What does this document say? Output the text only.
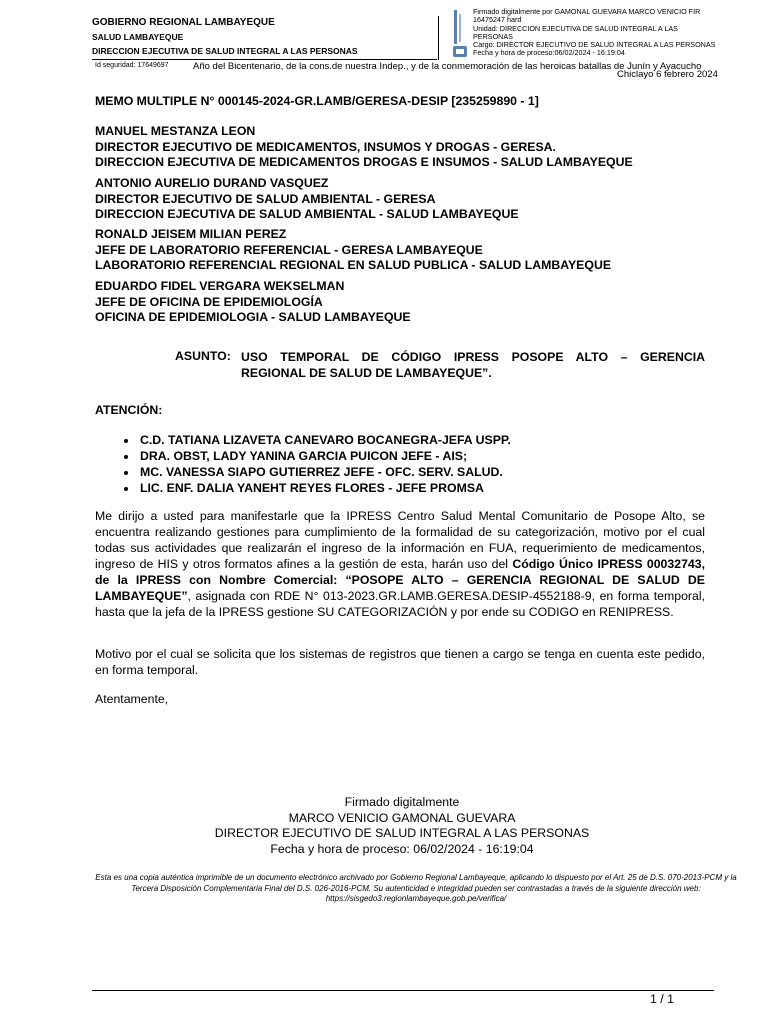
GOBIERNO REGIONAL LAMBAYEQUE
SALUD LAMBAYEQUE
DIRECCION EJECUTIVA DE SALUD INTEGRAL A LAS PERSONAS
Firmado digitalmente por GAMONAL GUEVARA MARCO VENICIO FIR
16475247 hard
Unidad: DIRECCION EJECUTIVA DE SALUD INTEGRAL A LAS
PERSONAS
Cargo: DIRECTOR EJECUTIVO DE SALUD INTEGRAL A LAS PERSONAS
Fecha y hora de proceso:06/02/2024 - 16:19:04
Id seguridad: 17649697	Año del Bicentenario, de la cons.de nuestra Indep., y de la conmemoración de las heroicas batallas de Junín y Ayacucho
Chiclayo 6 febrero 2024
MEMO MULTIPLE N° 000145-2024-GR.LAMB/GERESA-DESIP [235259890 - 1]
MANUEL MESTANZA LEON
DIRECTOR EJECUTIVO DE MEDICAMENTOS, INSUMOS Y DROGAS - GERESA.
DIRECCION EJECUTIVA DE MEDICAMENTOS DROGAS E INSUMOS - SALUD LAMBAYEQUE
ANTONIO AURELIO DURAND VASQUEZ
DIRECTOR EJECUTIVO DE SALUD AMBIENTAL - GERESA
DIRECCION EJECUTIVA DE SALUD AMBIENTAL - SALUD LAMBAYEQUE
RONALD JEISEM MILIAN PEREZ
JEFE DE LABORATORIO REFERENCIAL - GERESA LAMBAYEQUE
LABORATORIO REFERENCIAL REGIONAL EN SALUD PUBLICA - SALUD LAMBAYEQUE
EDUARDO FIDEL VERGARA WEKSELMAN
JEFE DE OFICINA DE EPIDEMIOLOGÍA
OFICINA DE EPIDEMIOLOGIA - SALUD LAMBAYEQUE
ASUNTO: USO TEMPORAL DE CÓDIGO IPRESS POSOPE ALTO – GERENCIA
REGIONAL DE SALUD DE LAMBAYEQUE”.
ATENCIÓN:
• C.D. TATIANA LIZAVETA CANEVARO BOCANEGRA-JEFA USPP.
• DRA. OBST, LADY YANINA GARCIA PUICON JEFE - AIS;
• MC. VANESSA SIAPO GUTIERREZ JEFE - OFC. SERV. SALUD.
• LIC. ENF. DALIA YANEHT REYES FLORES - JEFE PROMSA
Me dirijo a usted para manifestarle que la IPRESS Centro Salud Mental Comunitario de Posope Alto, se encuentra realizando gestiones para cumplimiento de la formalidad de su categorización, motivo por el cual todas sus actividades que realizarán el ingreso de la información en FUA, requerimiento de medicamentos, ingreso de HIS y otros formatos afines a la gestión de esta, harán uso del Código Único IPRESS 00032743, de la IPRESS con Nombre Comercial: “POSOPE ALTO – GERENCIA REGIONAL DE SALUD DE LAMBAYEQUE”, asignada con RDE N° 013-2023.GR.LAMB.GERESA.DESIP-4552188-9, en forma temporal, hasta que la jefa de la IPRESS gestione SU CATEGORIZACIÓN y por ende su CODIGO en RENIPRESS.
Motivo por el cual se solicita que los sistemas de registros que tienen a cargo se tenga en cuenta este pedido, en forma temporal.
Atentamente,
Firmado digitalmente
MARCO VENICIO GAMONAL GUEVARA
DIRECTOR EJECUTIVO DE SALUD INTEGRAL A LAS PERSONAS
Fecha y hora de proceso: 06/02/2024 - 16:19:04
Esta es una copia auténtica imprimible de un documento electrónico archivado por Gobierno Regional Lambayeque, aplicando lo dispuesto por el Art. 25 de D.S. 070-2013-PCM y la Tercera Disposición Complementaria Final del D.S. 026-2016-PCM. Su autenticidad e integridad pueden ser contrastadas a través de la siguiente dirección web: https://sisgedo3.regionlambayeque.gob.pe/verifica/
1 / 1
